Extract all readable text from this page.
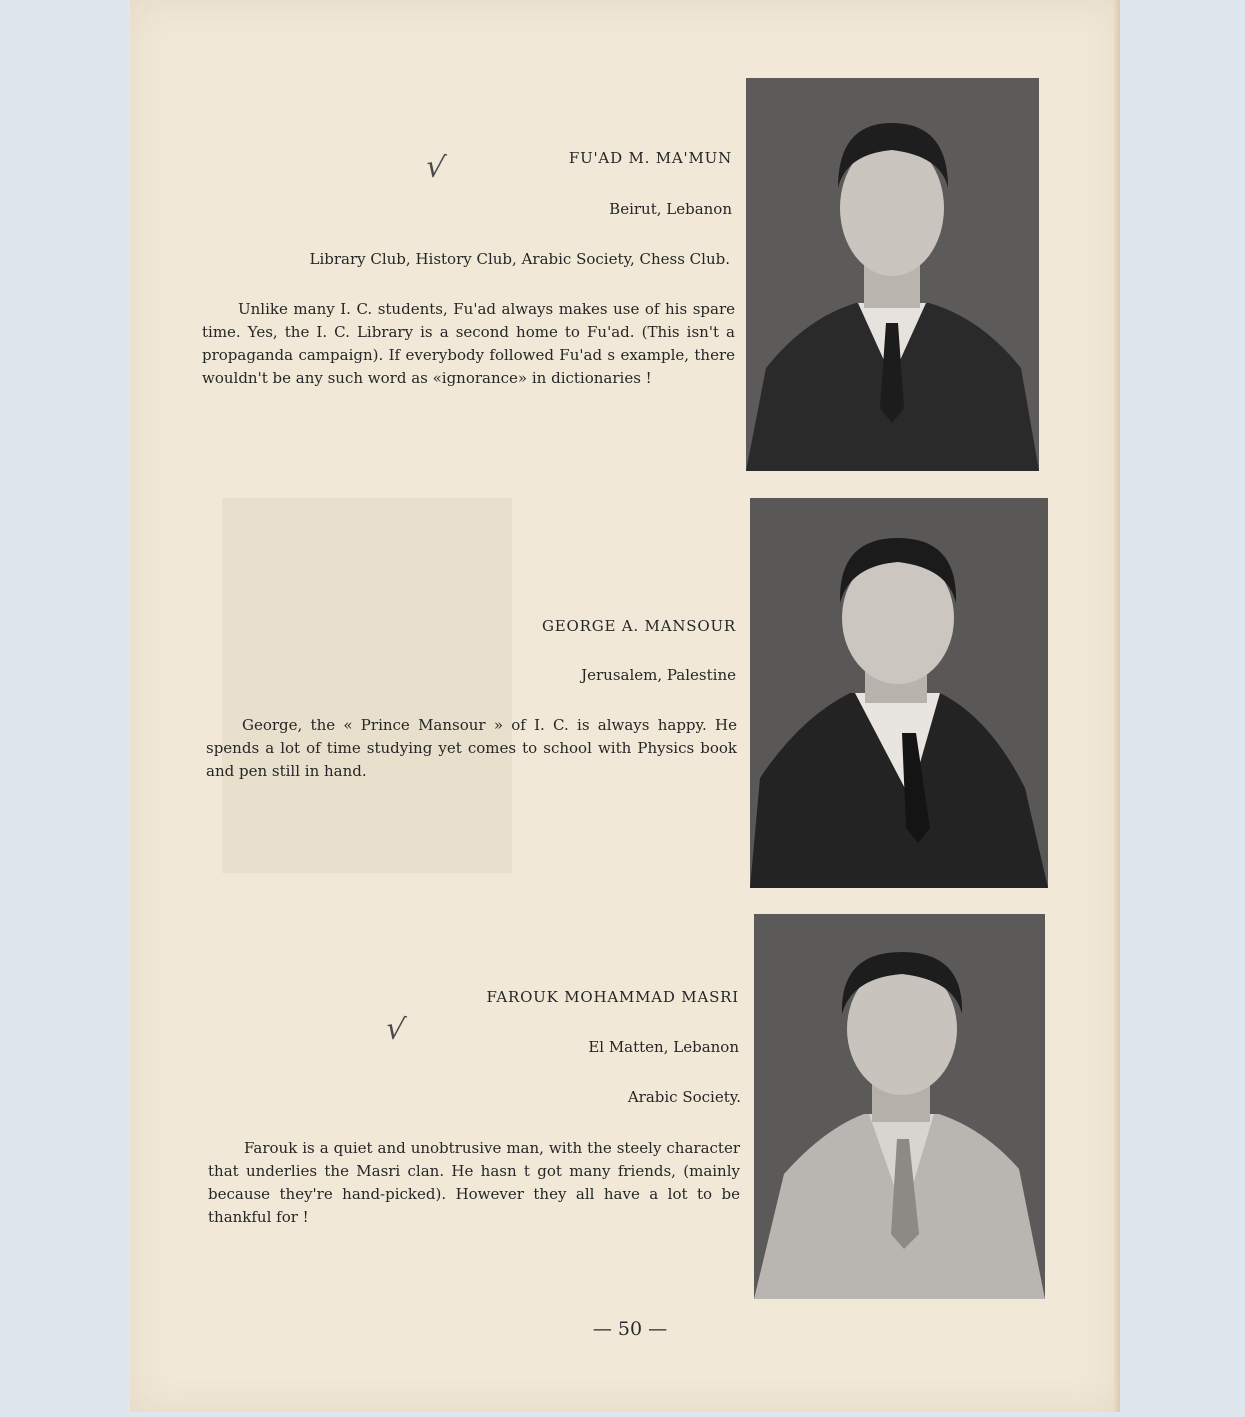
√	FU'AD M. MA'MUN
Beirut, Lebanon
Library Club, History Club, Arabic Society, Chess Club.
Unlike many I. C. students, Fu'ad always makes use of his spare time. Yes, the I. C. Library is a second home to Fu'ad. (This isn't a propaganda campaign). If everybody followed Fu'ad s example, there wouldn't be any such word as «ignorance» in dictionaries !
GEORGE A. MANSOUR
Jerusalem, Palestine
George, the « Prince Mansour » of I. C. is always happy. He spends a lot of time studying yet comes to school with Physics book and pen still in hand.
√
FAROUK MOHAMMAD MASRI
El Matten, Lebanon
Arabic Society.
Farouk is a quiet and unobtrusive man, with the steely character that underlies the Masri clan. He hasn t got many friends, (mainly because they're hand-picked). However they all have a lot to be thankful for !
— 50 —
